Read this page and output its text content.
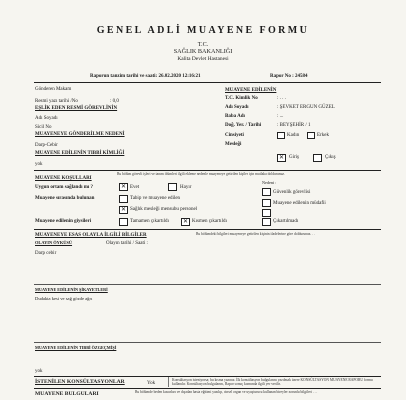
GENEL ADLİ MUAYENE FORMU
T.C.
SAĞLIK BAKANLIĞI
Kalita Devlet Hastanesi
Raporun tanzim tarihi ve saati: 26.02.2020 12:16:21	Rapor No : 24584
Gönderen Makam
Resmi yazı tarihi /No	: 0,0
EŞLİK EDEN RESMİ GÖREVLİNİN
Adı Soyadı
Sicil No
MUAYENEYE GÖNDERİLME NEDENİ
Darp-Cebir
MUAYENE EDİLENİN TIBBİ KİMLİĞİ
yok
MUAYENE EDİLENİN
T.C. Kimlik No	: . . .
Adı Soyadı	: ŞEVKET ERGUN GÜZEL
Baba Adı	: ...
Doğ. Yer. / Tarihi	: BEYŞEHİR / 1
Cinsiyeti	Kadın	Erkek
Mesleği
✕ Giriş	Çıkış
MUAYENE KOŞULLARI
Bu bölüm görevli işleri ve tanım ölümleri ilgili ekleme nedenle muayeneye getirilen kişiler için mutlaka doldurunuz.
Uygun ortam sağlandı mı ?	✕ Evet	Hayır
Nedeni :
Muayene sırasında bulunan	Tabip ve muayene edilen
✕ Sağlık mesleği mensubu personel
Güvenlik görevlisi
Muayene edilenin müdafii
Muayene edilenin giysileri	Tamamen çıkartıldı	✕ Kısmen çıkartıldı	Çıkartılmadı
MUAYENEYE ESAS OLAYLA İLGİLİ BİLGİLER	Bu bölümdeki bilgileri muayeneye getirilen kişinin ifadelerine göre doldurunuz. . .
OLAYIN ÖYKÜSÜ	Olayın tarihi / Saati :
Darp cebir
MUAYENE EDİLENİN ŞİKAYETLERİ
Dudakta kesi ve sağ gözde ağrı
MUAYENE EDİLENİN TIBBİ ÖZGEÇMİŞİ
yok
İSTENİLEN KONSÜLTASYONLAR	Yok
Konsültasyon isteniyorsa; bu kısma yazınız. İlk konsültasyon bulgularını yazılmak üzere KONSÜLTASYON MUAYENE RAPORU formu kullanılır. Konsültasyon bulgularını, Rapor sonuç kısmında ilgili yer verilir.
MUAYENE BULGULARI	Bu bölümde beden kusurları ve dışadan hasta eğitimi yazılıp, cinsel organ ve uyuşturucu kullanan bireyler zorunlu bilgileri . . .
